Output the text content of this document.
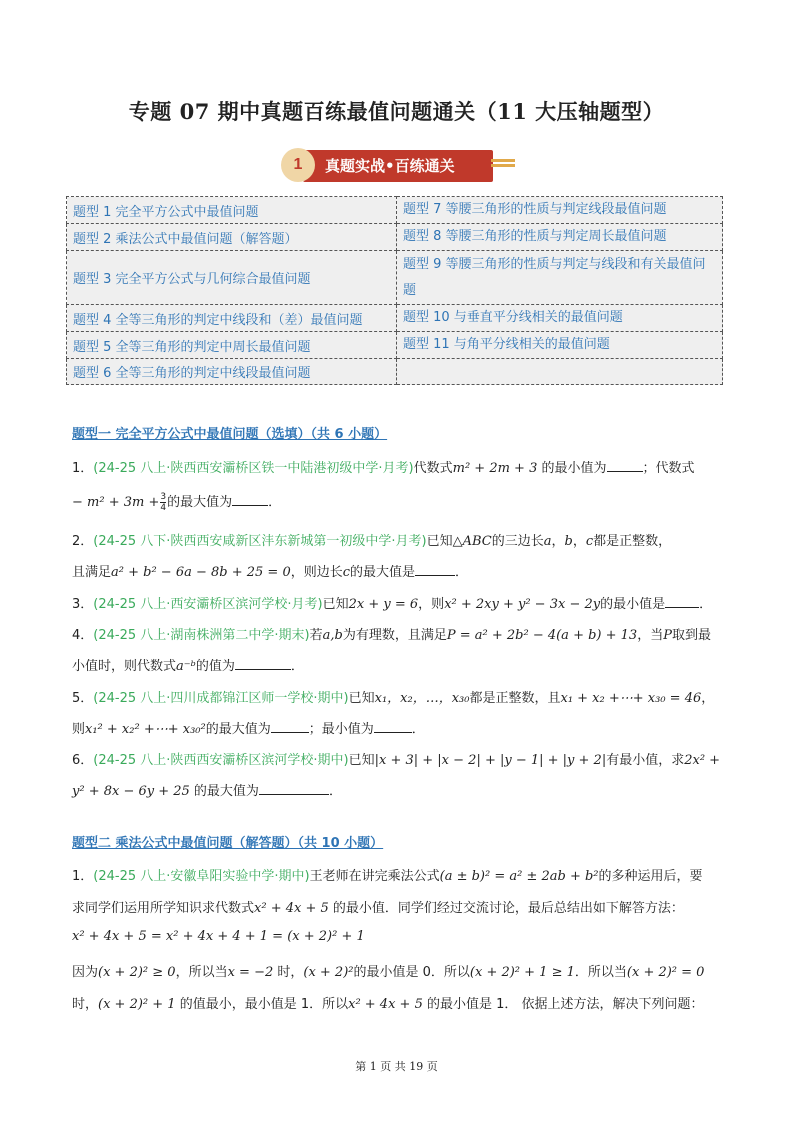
专题 07 期中真题百练最值问题通关（11 大压轴题型）
真题实战•百练通关
1
题型 1 完全平方公式中最值问题	题型 7 等腰三角形的性质与判定线段最值问题
题型 2 乘法公式中最值问题（解答题）	题型 8 等腰三角形的性质与判定周长最值问题
题型 3 完全平方公式与几何综合最值问题	题型 9 等腰三角形的性质与判定与线段和有关最值问题
题型 4 全等三角形的判定中线段和（差）最值问题	题型 10 与垂直平分线相关的最值问题
题型 5 全等三角形的判定中周长最值问题	题型 11 与角平分线相关的最值问题
题型 6 全等三角形的判定中线段最值问题	
题型一 完全平方公式中最值问题（选填）（共 6 小题）
1．(24-25 八上·陕西西安灞桥区铁一中陆港初级中学·月考)代数式m² + 2m + 3 的最小值为	；代数式
− $m^2 + 3m + \frac{3}{4}$ 的最大值为	．
2．(24-25 八下·陕西西安咸新区沣东新城第一初级中学·月考)已知△ABC的三边长a，b，c都是正整数，
且满足a² + b² − 6a − 8b + 25 = 0，则边长c的最大值是	．
3．(24-25 八上·西安灞桥区滨河学校·月考)已知2x + y = 6，则x² + 2xy + y² − 3x − 2y的最小值是	．
4．(24-25 八上·湖南株洲第二中学·期末)若a,b为有理数，且满足P = a² + 2b² − 4(a + b) + 13，当P取到最
小值时，则代数式a⁻ᵇ的值为	．
5．(24-25 八上·四川成都锦江区师一学校·期中)已知x₁，x₂，…，x₃₀都是正整数，且x₁ + x₂ +⋯+ x₃₀ = 46，
则x₁² + x₂² +⋯+ x₃₀²的最大值为	；最小值为	．
6．(24-25 八上·陕西西安灞桥区滨河学校·期中)已知|x + 3| + |x − 2| + |y − 1| + |y + 2|有最小值，求2x² +
y² + 8x − 6y + 25 的最大值为	．
题型二 乘法公式中最值问题（解答题）（共 10 小题）
1．(24-25 八上·安徽阜阳实验中学·期中)王老师在讲完乘法公式(a ± b)² = a² ± 2ab + b²的多种运用后，要
求同学们运用所学知识求代数式x² + 4x + 5 的最小值．同学们经过交流讨论，最后总结出如下解答方法：
x² + 4x + 5 = x² + 4x + 4 + 1 = (x + 2)² + 1
因为(x + 2)² ≥ 0，所以当x = −2 时，(x + 2)²的最小值是 0．所以(x + 2)² + 1 ≥ 1．所以当(x + 2)² = 0
时，(x + 2)² + 1 的值最小，最小值是 1．所以x² + 4x + 5 的最小值是 1． 依据上述方法，解决下列问题：
第 1 页 共 19 页
